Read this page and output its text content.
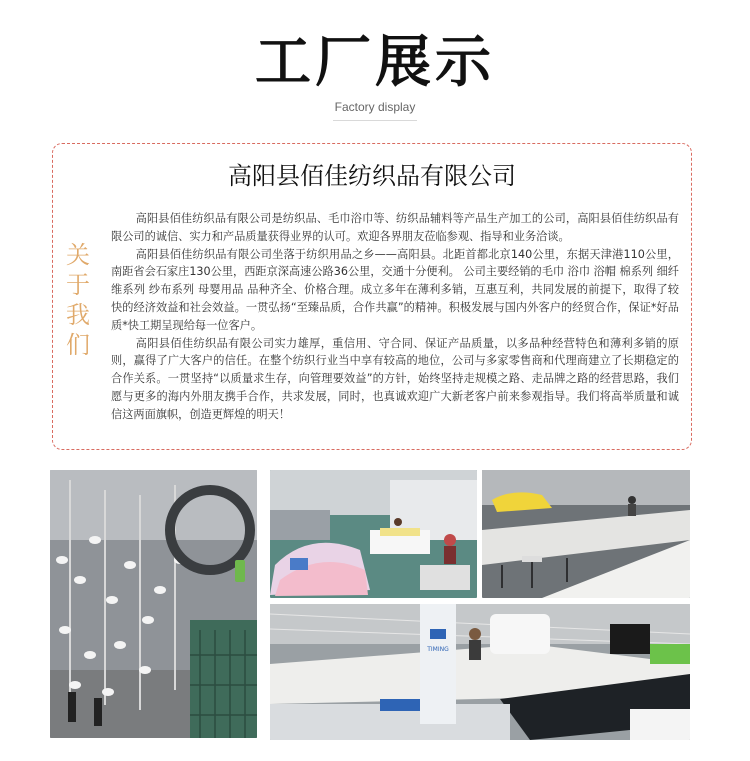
工厂展示
Factory display
高阳县佰佳纺织品有限公司
关
于
我
们

高阳县佰佳纺织品有限公司是纺织品、毛巾浴巾等、纺织品辅料等产品生产加工的公司，高阳县佰佳纺织品有限公司的诚信、实力和产品质量获得业界的认可。欢迎各界朋友莅临参观、指导和业务洽谈。

高阳县佰佳纺织品有限公司坐落于纺织用品之乡——高阳县。北距首都北京140公里，东据天津港110公里，南距省会石家庄130公里，西距京深高速公路36公里，交通十分便利。 公司主要经销的毛巾 浴巾 浴帽 棉系列 细纤维系列 纱布系列 母婴用品 品种齐全、价格合理。成立多年在薄利多销，互惠互利，共同发展的前提下，取得了较快的经济效益和社会效益。一贯弘扬“至臻品质，合作共赢”的精神。积极发展与国内外客户的经贸合作，保证*好品质*快工期呈现给每一位客户。

高阳县佰佳纺织品有限公司实力雄厚，重信用、守合同、保证产品质量，以多品种经营特色和薄利多销的原则，赢得了广大客户的信任。在整个纺织行业当中享有较高的地位，公司与多家零售商和代理商建立了长期稳定的合作关系。一贯坚持“以质量求生存，向管理要效益”的方针，始终坚持走规模之路、走品牌之路的经营思路，我们愿与更多的海内外朋友携手合作，共求发展，同时，也真诚欢迎广大新老客户前来参观指导。我们将高举质量和诚信这两面旗帜，创造更辉煌的明天！

TIMING
